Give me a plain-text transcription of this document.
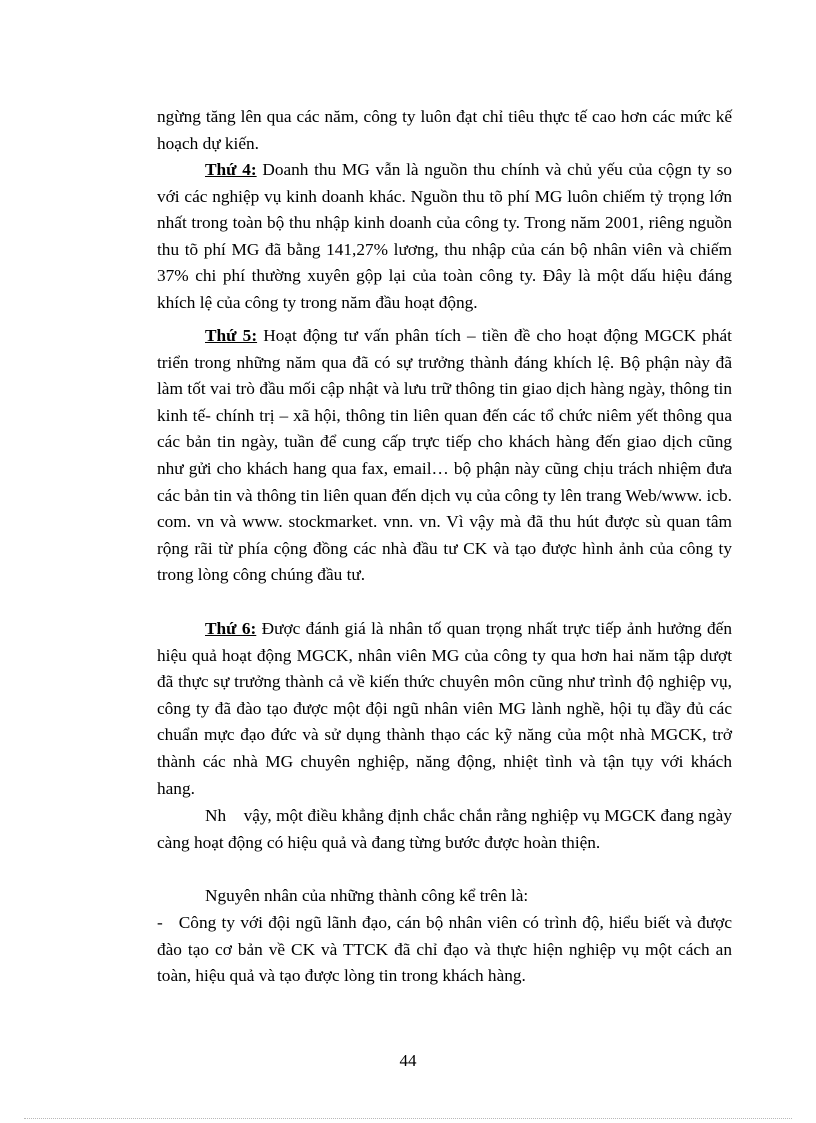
ngừng tăng lên qua các năm, công ty luôn đạt chỉ tiêu thực tế cao hơn các mức kế hoạch dự kiến.

Thứ 4: Doanh thu MG vẫn là nguồn thu chính và chủ yếu của cộgn ty so với các nghiệp vụ kinh doanh khác. Nguồn thu tõ phí MG luôn chiếm tỷ trọng lớn nhất trong toàn bộ thu nhập kinh doanh của công ty. Trong năm 2001, riêng nguồn thu tõ phí MG đã bằng 141,27% lương, thu nhập của cán bộ nhân viên và chiếm 37% chi phí thường xuyên gộp lại của toàn công ty. Đây là một dấu hiệu đáng khích lệ của công ty trong năm đầu hoạt động.

Thứ 5: Hoạt động tư vấn phân tích – tiền đề cho hoạt động MGCK phát triển trong những năm qua đã có sự trưởng thành đáng khích lệ. Bộ phận này đã làm tốt vai trò đầu mối cập nhật và lưu trữ thông tin giao dịch hàng ngày, thông tin kinh tế- chính trị – xã hội, thông tin liên quan đến các tổ chức niêm yết thông qua các bản tin ngày, tuần để cung cấp trực tiếp cho khách hàng đến giao dịch cũng như gửi cho khách hang qua fax, email… bộ phận này cũng chịu trách nhiệm đưa các bản tin và thông tin liên quan đến dịch vụ của công ty lên trang Web/www. icb. com. vn và www. stockmarket. vnn. vn. Vì vậy mà đã thu hút được sù quan tâm rộng rãi từ phía cộng đồng các nhà đầu tư CK và tạo được hình ảnh của công ty trong lòng công chúng đầu tư.

Thứ 6: Được đánh giá là nhân tố quan trọng nhất trực tiếp ảnh hưởng đến hiệu quả hoạt động MGCK, nhân viên MG của công ty qua hơn hai năm tập dượt đã thực sự trưởng thành cả về kiến thức chuyên môn cũng như trình độ nghiệp vụ, công ty đã đào tạo được một đội ngũ nhân viên MG lành nghề, hội tụ đầy đủ các chuẩn mực đạo đức và sử dụng thành thạo các kỹ năng của một nhà MGCK, trở thành các nhà MG chuyên nghiệp, năng động, nhiệt tình và tận tụy với khách hang.

Nh    vậy, một điều khẳng định chắc chắn rằng nghiệp vụ MGCK đang ngày càng hoạt động có hiệu quả và đang từng bước được hoàn thiện.

Nguyên nhân của những thành công kể trên là:

-   Công ty với đội ngũ lãnh đạo, cán bộ nhân viên có trình độ, hiểu biết và được đào tạo cơ bản về CK và TTCK đã chỉ đạo và thực hiện nghiệp vụ một cách an toàn, hiệu quả và tạo được lòng tin trong khách hàng.

44
